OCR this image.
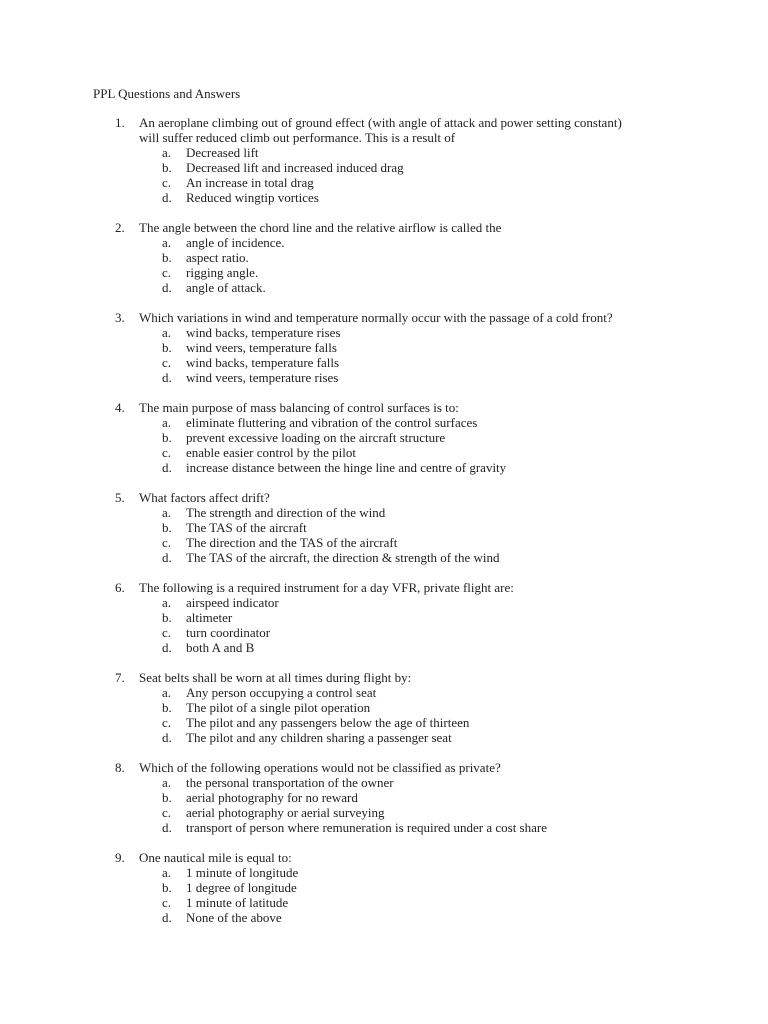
PPL Questions and Answers
1. An aeroplane climbing out of ground effect (with angle of attack and power setting constant) will suffer reduced climb out performance. This is a result of
a. Decreased lift
b. Decreased lift and increased induced drag
c. An increase in total drag
d. Reduced wingtip vortices
2. The angle between the chord line and the relative airflow is called the
a. angle of incidence.
b. aspect ratio.
c. rigging angle.
d. angle of attack.
3. Which variations in wind and temperature normally occur with the passage of a cold front?
a. wind backs, temperature rises
b. wind veers, temperature falls
c. wind backs, temperature falls
d. wind veers, temperature rises
4. The main purpose of mass balancing of control surfaces is to:
a. eliminate fluttering and vibration of the control surfaces
b. prevent excessive loading on the aircraft structure
c. enable easier control by the pilot
d. increase distance between the hinge line and centre of gravity
5. What factors affect drift?
a. The strength and direction of the wind
b. The TAS of the aircraft
c. The direction and the TAS of the aircraft
d. The TAS of the aircraft, the direction & strength of the wind
6. The following is a required instrument for a day VFR, private flight are:
a. airspeed indicator
b. altimeter
c. turn coordinator
d. both A and B
7. Seat belts shall be worn at all times during flight by:
a. Any person occupying a control seat
b. The pilot of a single pilot operation
c. The pilot and any passengers below the age of thirteen
d. The pilot and any children sharing a passenger seat
8. Which of the following operations would not be classified as private?
a. the personal transportation of the owner
b. aerial photography for no reward
c. aerial photography or aerial surveying
d. transport of person where remuneration is required under a cost share
9. One nautical mile is equal to:
a. 1 minute of longitude
b. 1 degree of longitude
c. 1 minute of latitude
d. None of the above
